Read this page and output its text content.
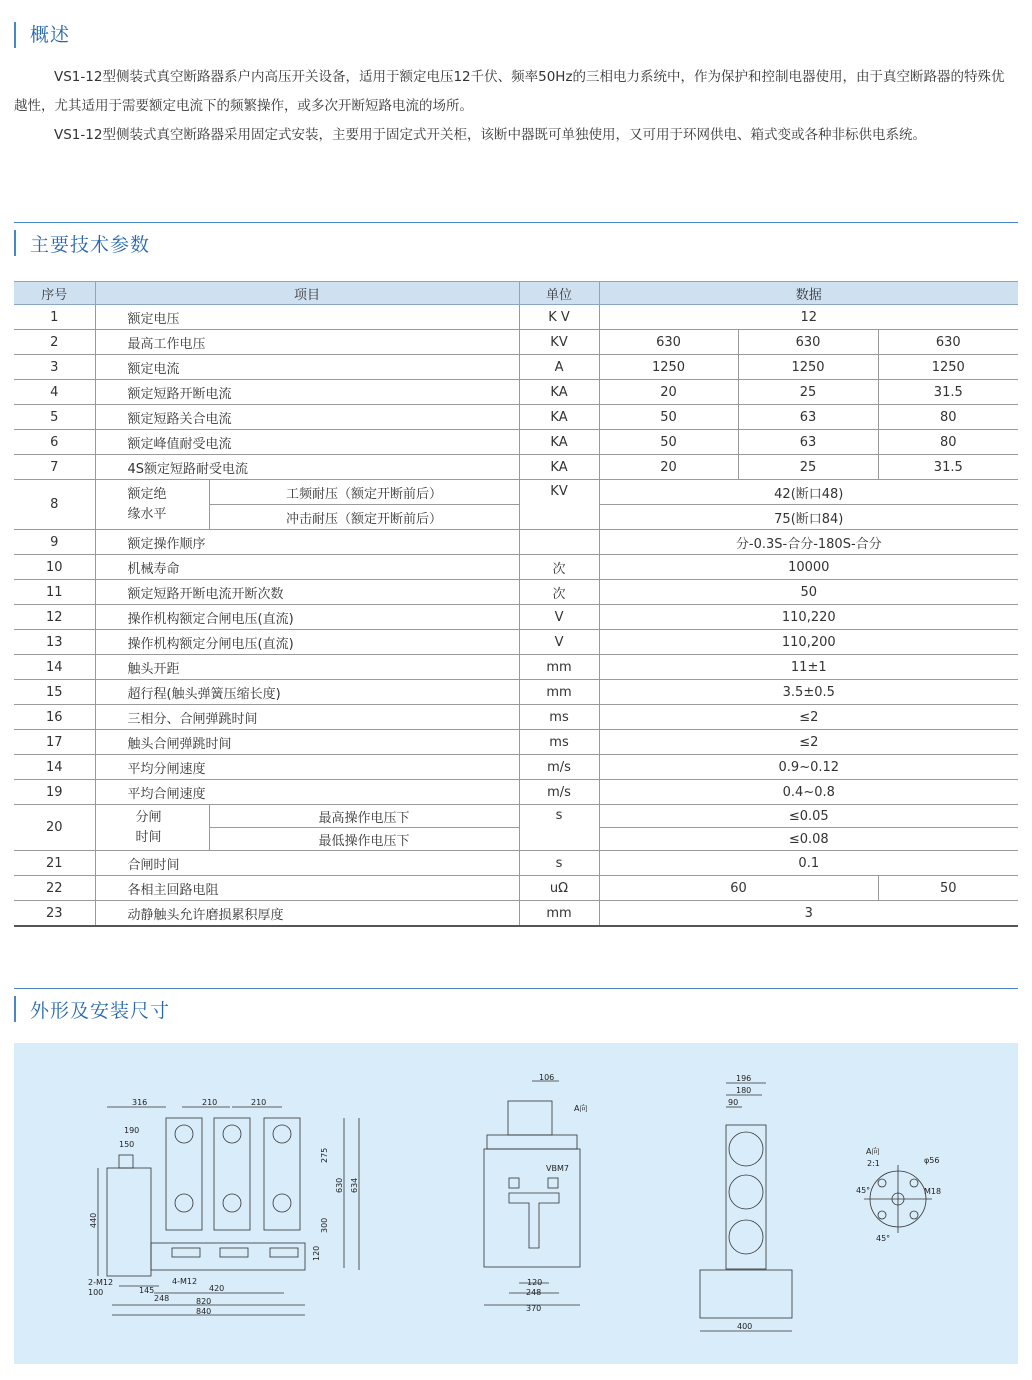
概述

VS1-12型侧装式真空断路器系户内高压开关设备，适用于额定电压12千伏、频率50Hz的三相电力系统中，作为保护和控制电器使用，由于真空断路器的特殊优越性，尤其适用于需要额定电流下的频繁操作，或多次开断短路电流的场所。

VS1-12型侧装式真空断路器采用固定式安装，主要用于固定式开关柜，该断中器既可单独使用，又可用于环网供电、箱式变或各种非标供电系统。

主要技术参数
序号	项目		单位	数据		
1	额定电压		K V	12		
2	最高工作电压		KV	630	630	630
3	额定电流		A	1250	1250	1250
4	额定短路开断电流		KA	20	25	31.5
5	额定短路关合电流		KA	50	63	80
6	额定峰值耐受电流		KA	50	63	80
7	4S额定短路耐受电流		KA	20	25	31.5
8	额定绝缘水平	工频耐压（额定开断前后）	KV	42(断口48)		
		冲击耐压（额定开断前后）		75(断口84)		
9	额定操作顺序			分-0.3S-合分-180S-合分		
10	机械寿命		次	10000		
11	额定短路开断电流开断次数		次	50		
12	操作机构额定合闸电压(直流)		V	110,220		
13	操作机构额定分闸电压(直流)		V	110,200		
14	触头开距		mm	11±1		
15	超行程(触头弹簧压缩长度)		mm	3.5±0.5		
16	三相分、合闸弹跳时间		ms	≤2		
17	触头合闸弹跳时间		ms	≤2		
14	平均分闸速度		m/s	0.9~0.12		
19	平均合闸速度		m/s	0.4~0.8		
20	分闸时间	最高操作电压下	s	≤0.05		
		最低操作电压下		≤0.08		
21	合闸时间		s	0.1		
22	各相主回路电阻		uΩ	60		50
23	动静触头允许磨损累积厚度		mm	3		
外形及安装尺寸
316	210	210
190
150
275
630 634
300
120
440
2-M12
100
4-M12
145	420
248	820
840
106
A向
VBM7
120
248
370
196
180
90
400
A向
2:1	φ56
45°	M18
45°
